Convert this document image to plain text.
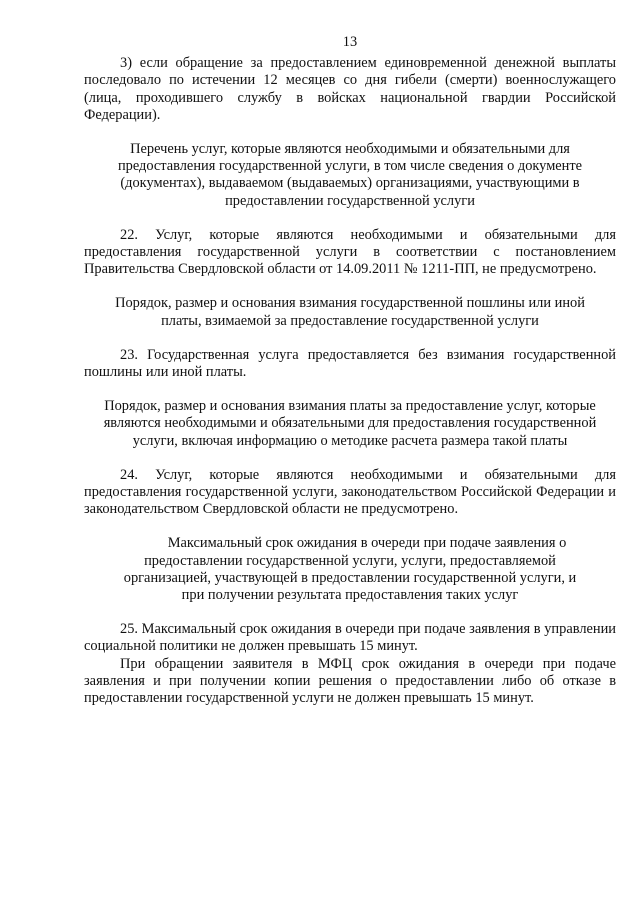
13

3) если обращение за предоставлением единовременной денежной выплаты последовало по истечении 12 месяцев со дня гибели (смерти) военнослужащего (лица, проходившего службу в войсках национальной гвардии Российской Федерации).

Перечень услуг, которые являются необходимыми и обязательными для предоставления государственной услуги, в том числе сведения о документе (документах), выдаваемом (выдаваемых) организациями, участвующими в предоставлении государственной услуги

22. Услуг, которые являются необходимыми и обязательными для предоставления государственной услуги в соответствии с постановлением Правительства Свердловской области от 14.09.2011 № 1211-ПП, не предусмотрено.

Порядок, размер и основания взимания государственной пошлины или иной платы, взимаемой за предоставление государственной услуги

23. Государственная услуга предоставляется без взимания государственной пошлины или иной платы.

Порядок, размер и основания взимания платы за предоставление услуг, которые являются необходимыми и обязательными для предоставления государственной услуги, включая информацию о методике расчета размера такой платы

24. Услуг, которые являются необходимыми и обязательными для предоставления государственной услуги, законодательством Российской Федерации и законодательством Свердловской области не предусмотрено.

Максимальный срок ожидания в очереди при подаче заявления о предоставлении государственной услуги, услуги, предоставляемой организацией, участвующей в предоставлении государственной услуги, и при получении результата предоставления таких услуг

25. Максимальный срок ожидания в очереди при подаче заявления в управлении социальной политики не должен превышать 15 минут.

При обращении заявителя в МФЦ срок ожидания в очереди при подаче заявления и при получении копии решения о предоставлении либо об отказе в предоставлении государственной услуги не должен превышать 15 минут.
